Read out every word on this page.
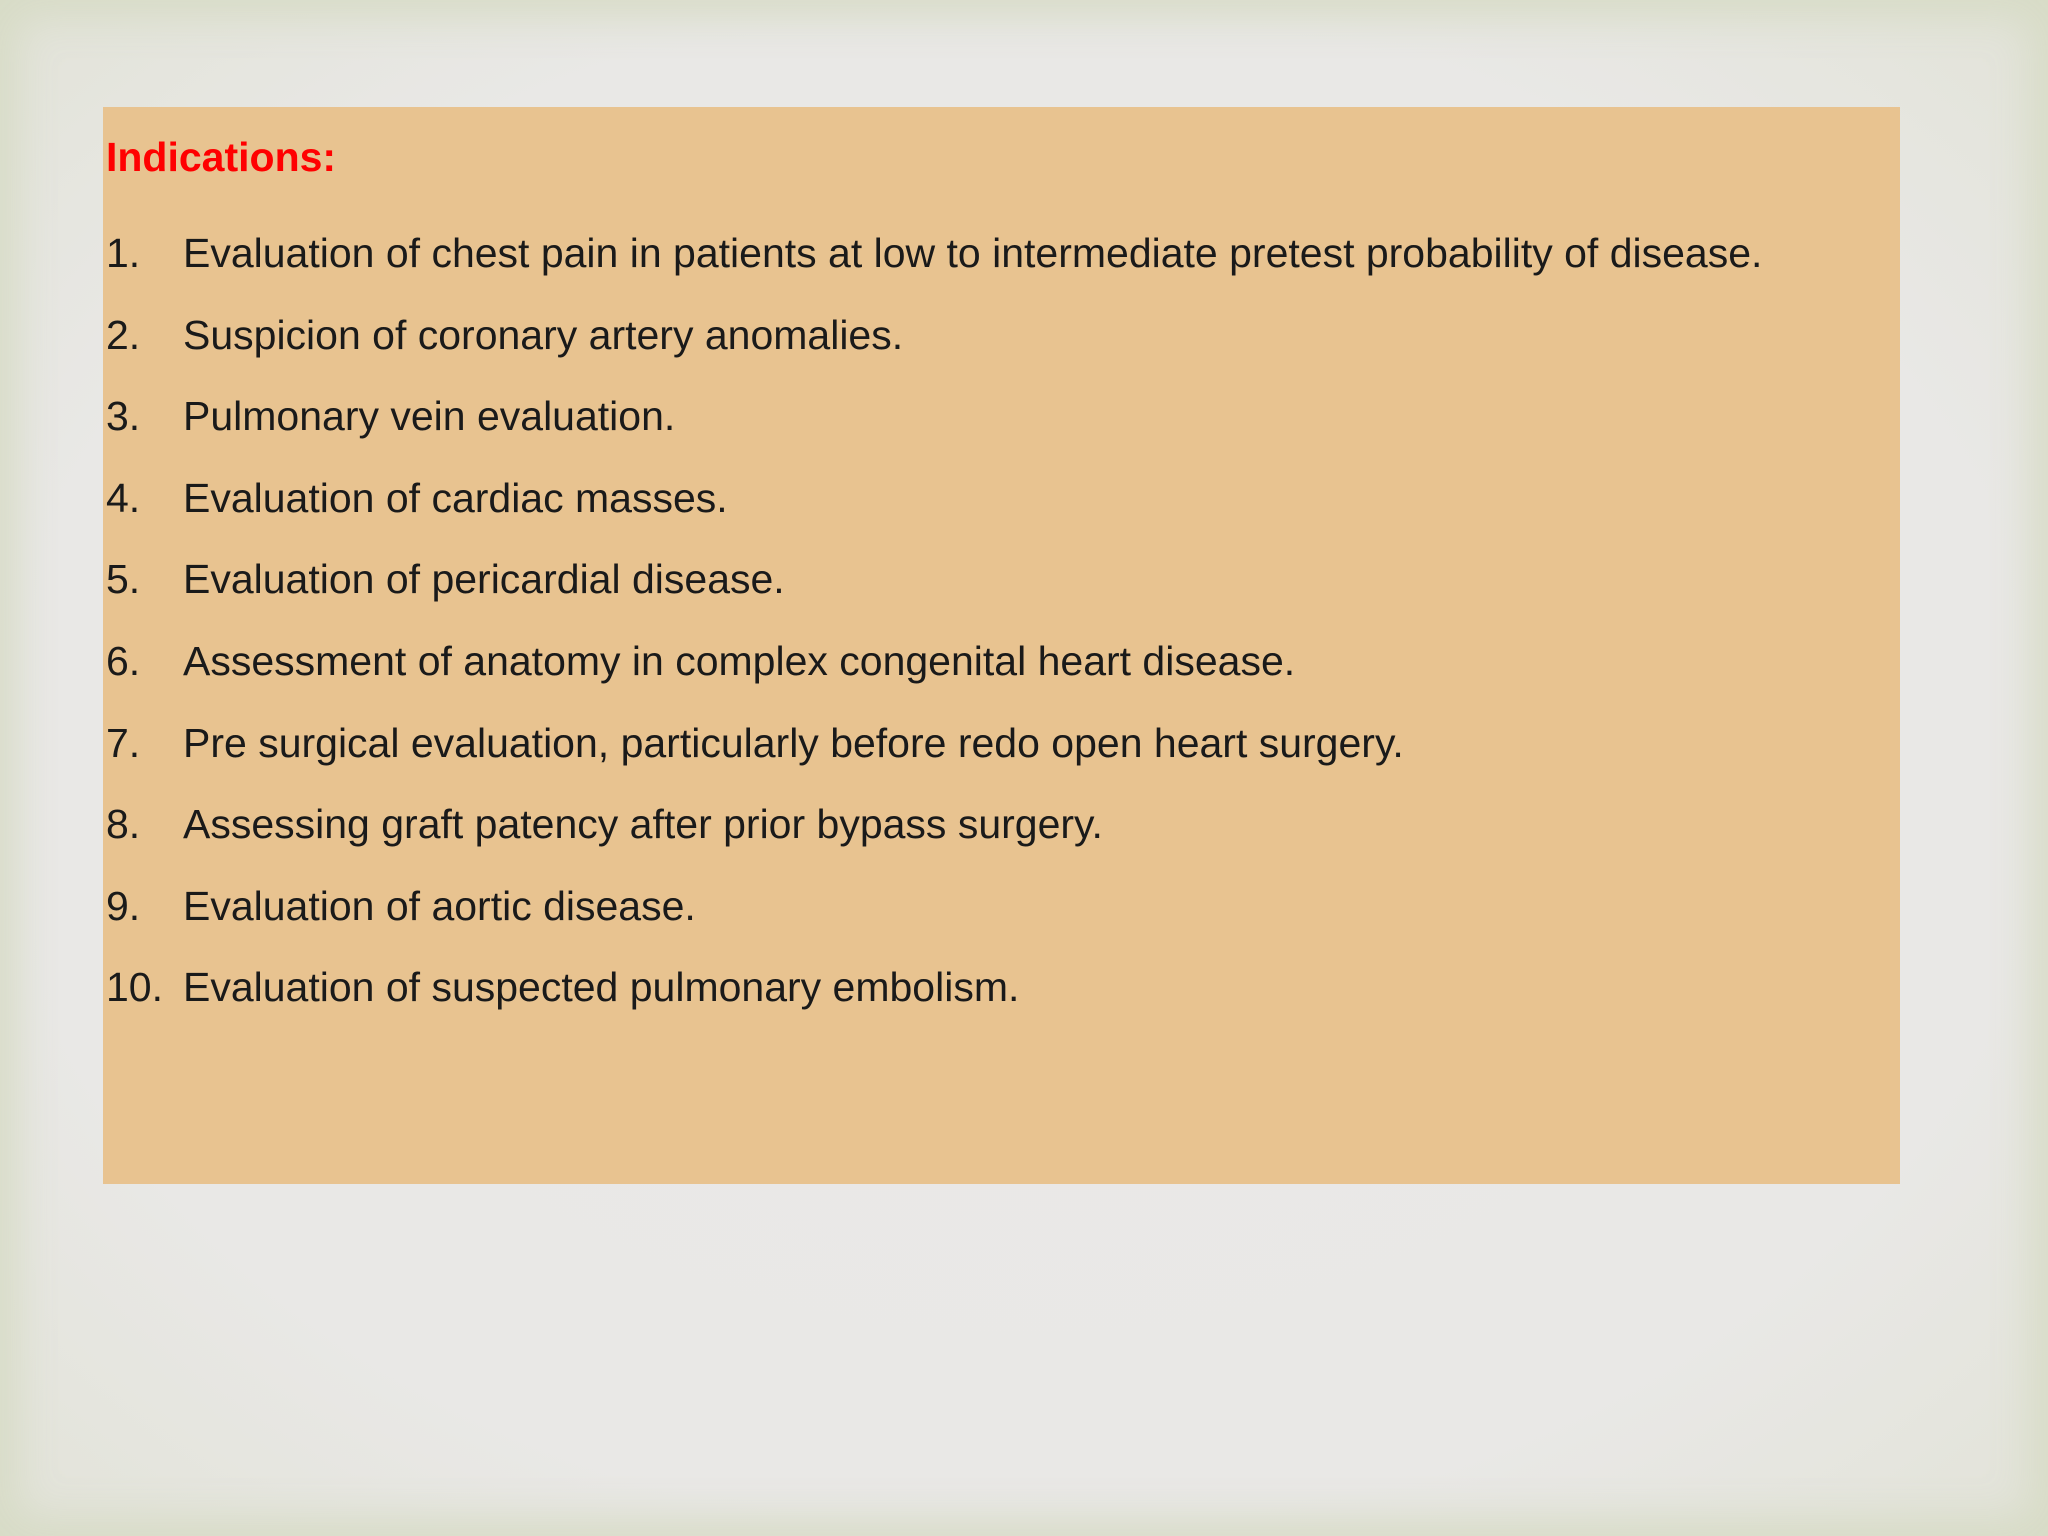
Indications:
1.	Evaluation of chest pain in patients at low to intermediate pretest probability of disease.
2.	Suspicion of coronary artery anomalies.
3.	Pulmonary vein evaluation.
4.	Evaluation of cardiac masses.
5.	Evaluation of pericardial disease.
6.	Assessment of anatomy in complex congenital heart disease.
7.	Pre surgical evaluation, particularly before redo open heart surgery.
8.	Assessing graft patency after prior bypass surgery.
9.	Evaluation of aortic disease.
10. Evaluation of suspected pulmonary embolism.
